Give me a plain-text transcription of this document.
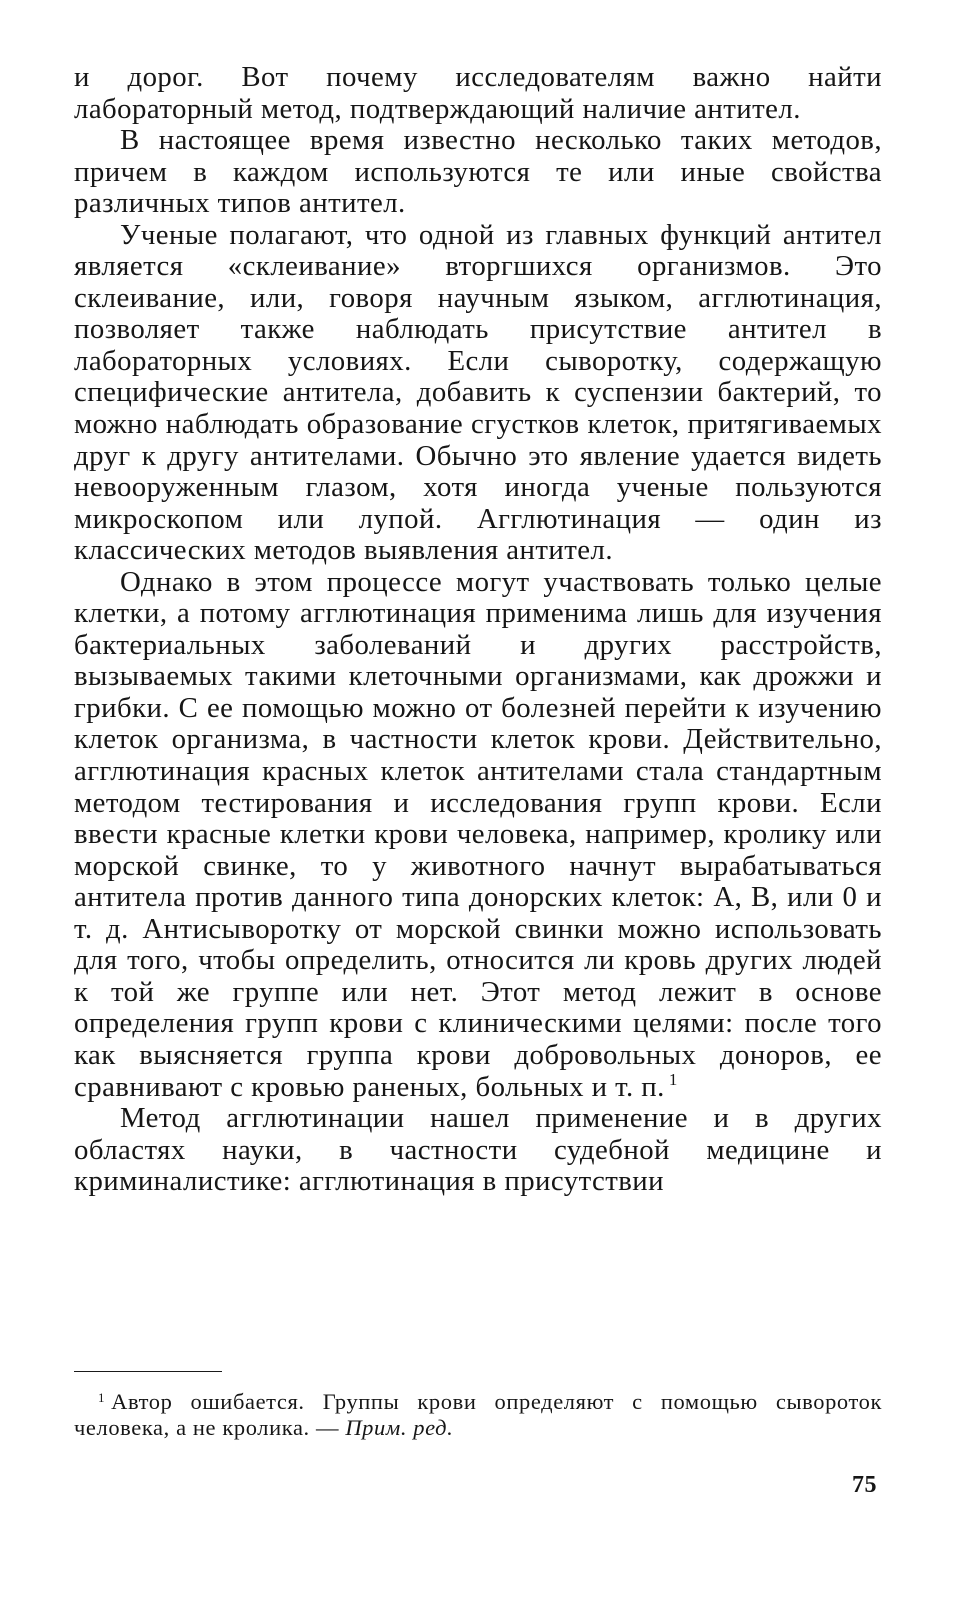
и дорог. Вот почему исследователям важно найти лабораторный метод, подтверждающий наличие антител.

В настоящее время известно несколько таких методов, причем в каждом используются те или иные свойства различных типов антител.

Ученые полагают, что одной из главных функций антител является «склеивание» вторгшихся организмов. Это склеивание, или, говоря научным языком, агглютинация, позволяет также наблюдать присутствие антител в лабораторных условиях. Если сыворотку, содержащую специфические антитела, добавить к суспензии бактерий, то можно наблюдать образование сгустков клеток, притягиваемых друг к другу антителами. Обычно это явление удается видеть невооруженным глазом, хотя иногда ученые пользуются микроскопом или лупой. Агглютинация — один из классических методов выявления антител.

Однако в этом процессе могут участвовать только целые клетки, а потому агглютинация применима лишь для изучения бактериальных заболеваний и других расстройств, вызываемых такими клеточными организмами, как дрожжи и грибки. С ее помощью можно от болезней перейти к изучению клеток организма, в частности клеток крови. Действительно, агглютинация красных клеток антителами стала стандартным методом тестирования и исследования групп крови. Если ввести красные клетки крови человека, например, кролику или морской свинке, то у животного начнут вырабатываться антитела против данного типа донорских клеток: А, В, или 0 и т. д. Антисыворотку от морской свинки можно использовать для того, чтобы определить, относится ли кровь других людей к той же группе или нет. Этот метод лежит в основе определения групп крови с клиническими целями: после того как выясняется группа крови добровольных доноров, ее сравнивают с кровью раненых, больных и т. п. $^1$

Метод агглютинации нашел применение и в других областях науки, в частности судебной медицине и криминалистике: агглютинация в присутствии

$^1$ Автор ошибается. Группы крови определяют с помощью сывороток человека, а не кролика. — Прим. ред.

75
